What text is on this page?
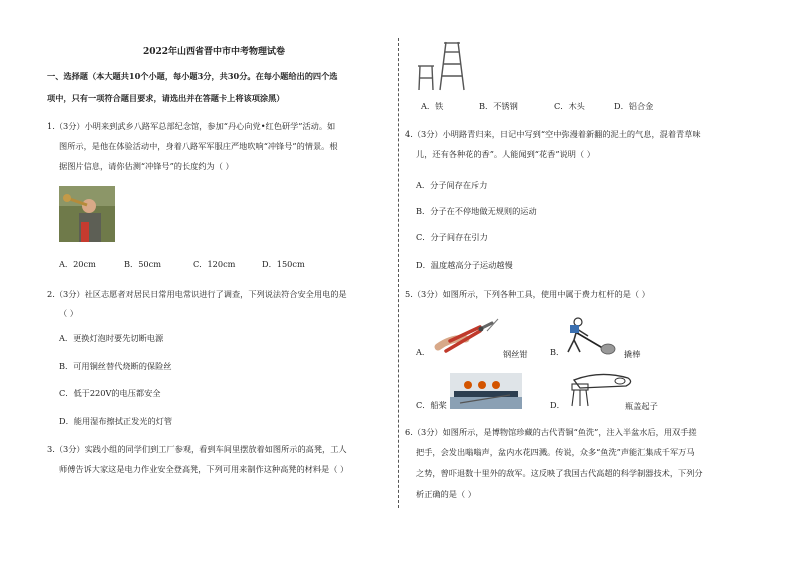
2022年山西省晋中市中考物理试卷
一、选择题（本大题共10个小题，每小题3分，共30分。在每小题给出的四个选
项中，只有一项符合题目要求，请选出并在答题卡上将该项涂黑）
1.（3分）小明来到武乡八路军总部纪念馆，参加“丹心向党•红色研学”活动。如
图所示，是他在体验活动中，身着八路军军服庄严地吹响“冲锋号”的情景。根
据图片信息，请你估测“冲锋号”的长度约为（ ）
A．20cm	B．50cm	C．120cm	D．150cm
2.（3分）社区志愿者对居民日常用电常识进行了调查，下列说法符合安全用电的是
（ ）
A．更换灯泡时要先切断电源
B．可用铜丝替代烧断的保险丝
C．低于220V的电压都安全
D．能用湿布擦拭正发光的灯管
3.（3分）实践小组的同学们到工厂参观，看到车间里摆放着如图所示的高凳，工人
师傅告诉大家这是电力作业安全登高凳，下列可用来制作这种高凳的材料是（ ）
A．铁	B．不锈钢	C．木头	D．铝合金
4.（3分）小明路青归来，日记中写到“空中弥漫着新翻的泥土的气息，混着青草味
儿，还有各种花的香”。人能闻到“花香”说明（ ）
A．分子间存在斥力
B．分子在不停地做无规则的运动
C．分子间存在引力
D．温度越高分子运动越慢
5.（3分）如图所示，下列各种工具，使用中属于费力杠杆的是（ ）
A．	钢丝钳	B．	撬棒
C．船桨	D．	瓶盖起子
6.（3分）如图所示，是博物馆珍藏的古代青铜“鱼洗”，注入半盆水后，用双手搓
把手，会发出嗡嗡声，盆内水花四溅。传说，众多“鱼洗”声能汇集成千军万马
之势，曾吓退数十里外的敌军。这反映了我国古代高超的科学制器技术，下列分
析正确的是（ ）
